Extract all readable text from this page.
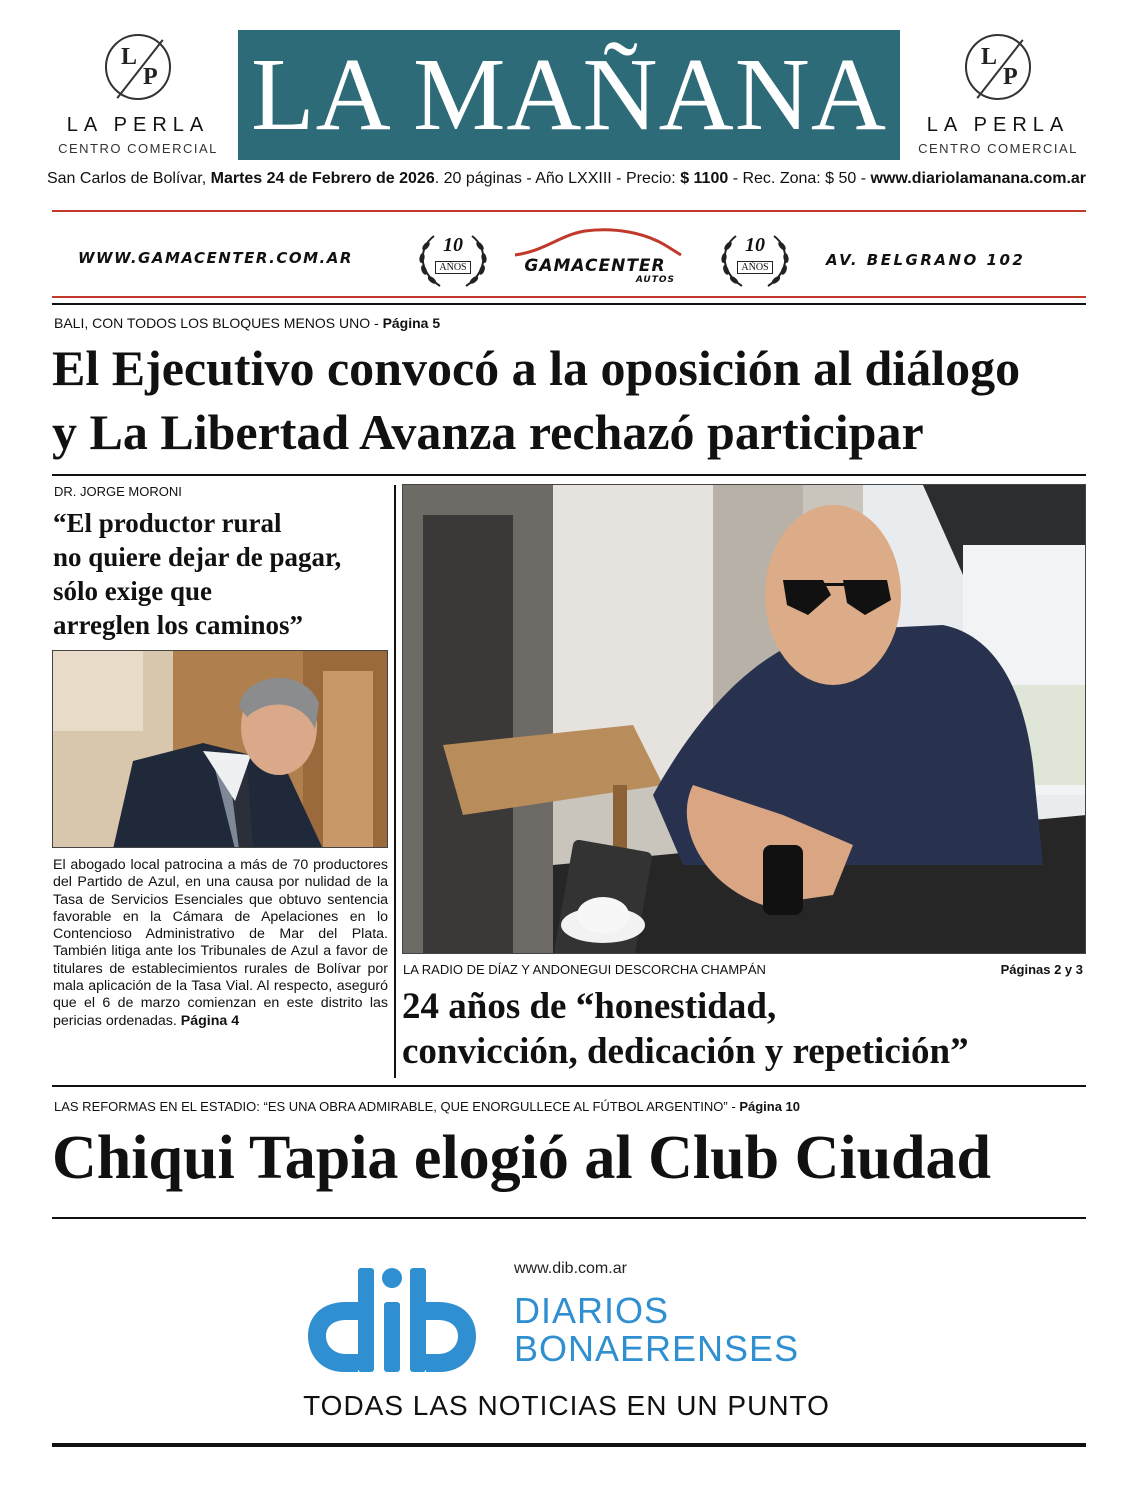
L
P
LA PERLA
CENTRO COMERCIAL LA MAÑANA	L
P
LA PERLA
CENTRO COMERCIAL
San Carlos de Bolívar, Martes 24 de Febrero de 2026. 20 páginas - Año LXXIII - Precio: $ 1100 - Rec. Zona: $ 50 - www.diariolamanana.com.ar
WWW.GAMACENTER.COM.AR
10
AÑOS	GAMACENTER
AUTOS
10
AÑOS	AV. BELGRANO 102
BALI, CON TODOS LOS BLOQUES MENOS UNO - Página 5
El Ejecutivo convocó a la oposición al diálogo
y La Libertad Avanza rechazó participar
DR. JORGE MORONI
“El productor rural
no quiere dejar de pagar,
sólo exige que
arreglen los caminos”
El abogado local patrocina a más de 70 productores del Partido de Azul, en una causa por nulidad de la Tasa de Servicios Esenciales que obtuvo sentencia favorable en la Cámara de Apelaciones en lo Contencioso Administrativo de Mar del Plata. También litiga ante los Tribunales de Azul a favor de titulares de establecimientos rurales de Bolívar por mala aplicación de la Tasa Vial. Al respecto, aseguró que el 6 de marzo comienzan en este distrito las pericias ordenadas. Página 4
LA RADIO DE DÍAZ Y ANDONEGUI DESCORCHA CHAMPÁN	Páginas 2 y 3
24 años de “honestidad,
convicción, dedicación y repetición”
LAS REFORMAS EN EL ESTADIO: “ES UNA OBRA ADMIRABLE, QUE ENORGULLECE AL FÚTBOL ARGENTINO” - Página 10
Chiqui Tapia elogió al Club Ciudad
www.dib.com.ar
DIARIOS
BONAERENSES
TODAS LAS NOTICIAS EN UN PUNTO
